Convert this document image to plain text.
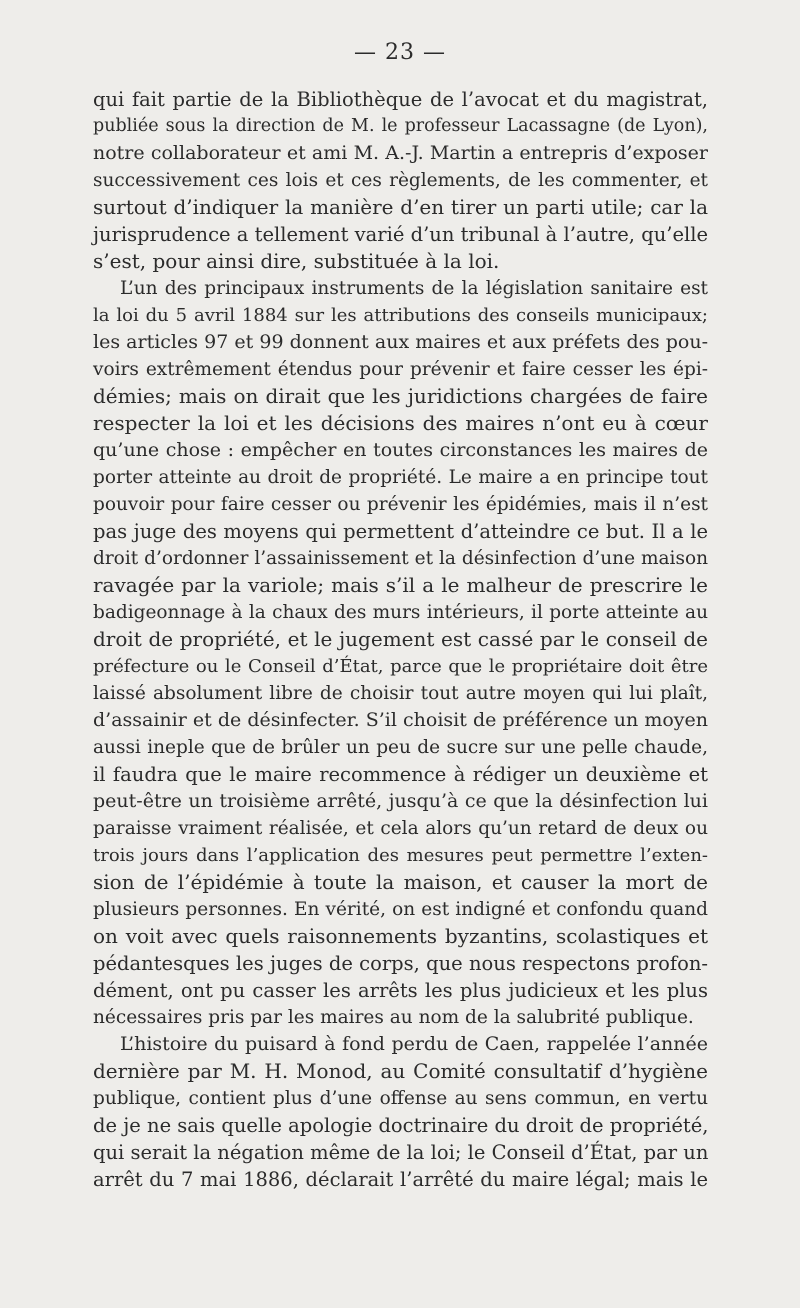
— 23 —
qui fait partie de la Bibliothèque de l’avocat et du magistrat,
publiée sous la direction de M. le professeur Lacassagne (de Lyon),
notre collaborateur et ami M. A.-J. Martin a entrepris d’exposer
successivement ces lois et ces règlements, de les commenter, et
surtout d’indiquer la manière d’en tirer un parti utile; car la
jurisprudence a tellement varié d’un tribunal à l’autre, qu’elle
s’est, pour ainsi dire, substituée à la loi.
L’un des principaux instruments de la législation sanitaire est
la loi du 5 avril 1884 sur les attributions des conseils municipaux;
les articles 97 et 99 donnent aux maires et aux préfets des pou-
voirs extrêmement étendus pour prévenir et faire cesser les épi-
démies; mais on dirait que les juridictions chargées de faire
respecter la loi et les décisions des maires n’ont eu à cœur
qu’une chose : empêcher en toutes circonstances les maires de
porter atteinte au droit de propriété. Le maire a en principe tout
pouvoir pour faire cesser ou prévenir les épidémies, mais il n’est
pas juge des moyens qui permettent d’atteindre ce but. Il a le
droit d’ordonner l’assainissement et la désinfection d’une maison
ravagée par la variole; mais s’il a le malheur de prescrire le
badigeonnage à la chaux des murs intérieurs, il porte atteinte au
droit de propriété, et le jugement est cassé par le conseil de
préfecture ou le Conseil d’État, parce que le propriétaire doit être
laissé absolument libre de choisir tout autre moyen qui lui plaît,
d’assainir et de désinfecter. S’il choisit de préférence un moyen
aussi ineple que de brûler un peu de sucre sur une pelle chaude,
il faudra que le maire recommence à rédiger un deuxième et
peut-être un troisième arrêté, jusqu’à ce que la désinfection lui
paraisse vraiment réalisée, et cela alors qu’un retard de deux ou
trois jours dans l’application des mesures peut permettre l’exten-
sion de l’épidémie à toute la maison, et causer la mort de
plusieurs personnes. En vérité, on est indigné et confondu quand
on voit avec quels raisonnements byzantins, scolastiques et
pédantesques les juges de corps, que nous respectons profon-
dément, ont pu casser les arrêts les plus judicieux et les plus
nécessaires pris par les maires au nom de la salubrité publique.
L’histoire du puisard à fond perdu de Caen, rappelée l’année
dernière par M. H. Monod, au Comité consultatif d’hygiène
publique, contient plus d’une offense au sens commun, en vertu
de je ne sais quelle apologie doctrinaire du droit de propriété,
qui serait la négation même de la loi; le Conseil d’État, par un
arrêt du 7 mai 1886, déclarait l’arrêté du maire légal; mais le
